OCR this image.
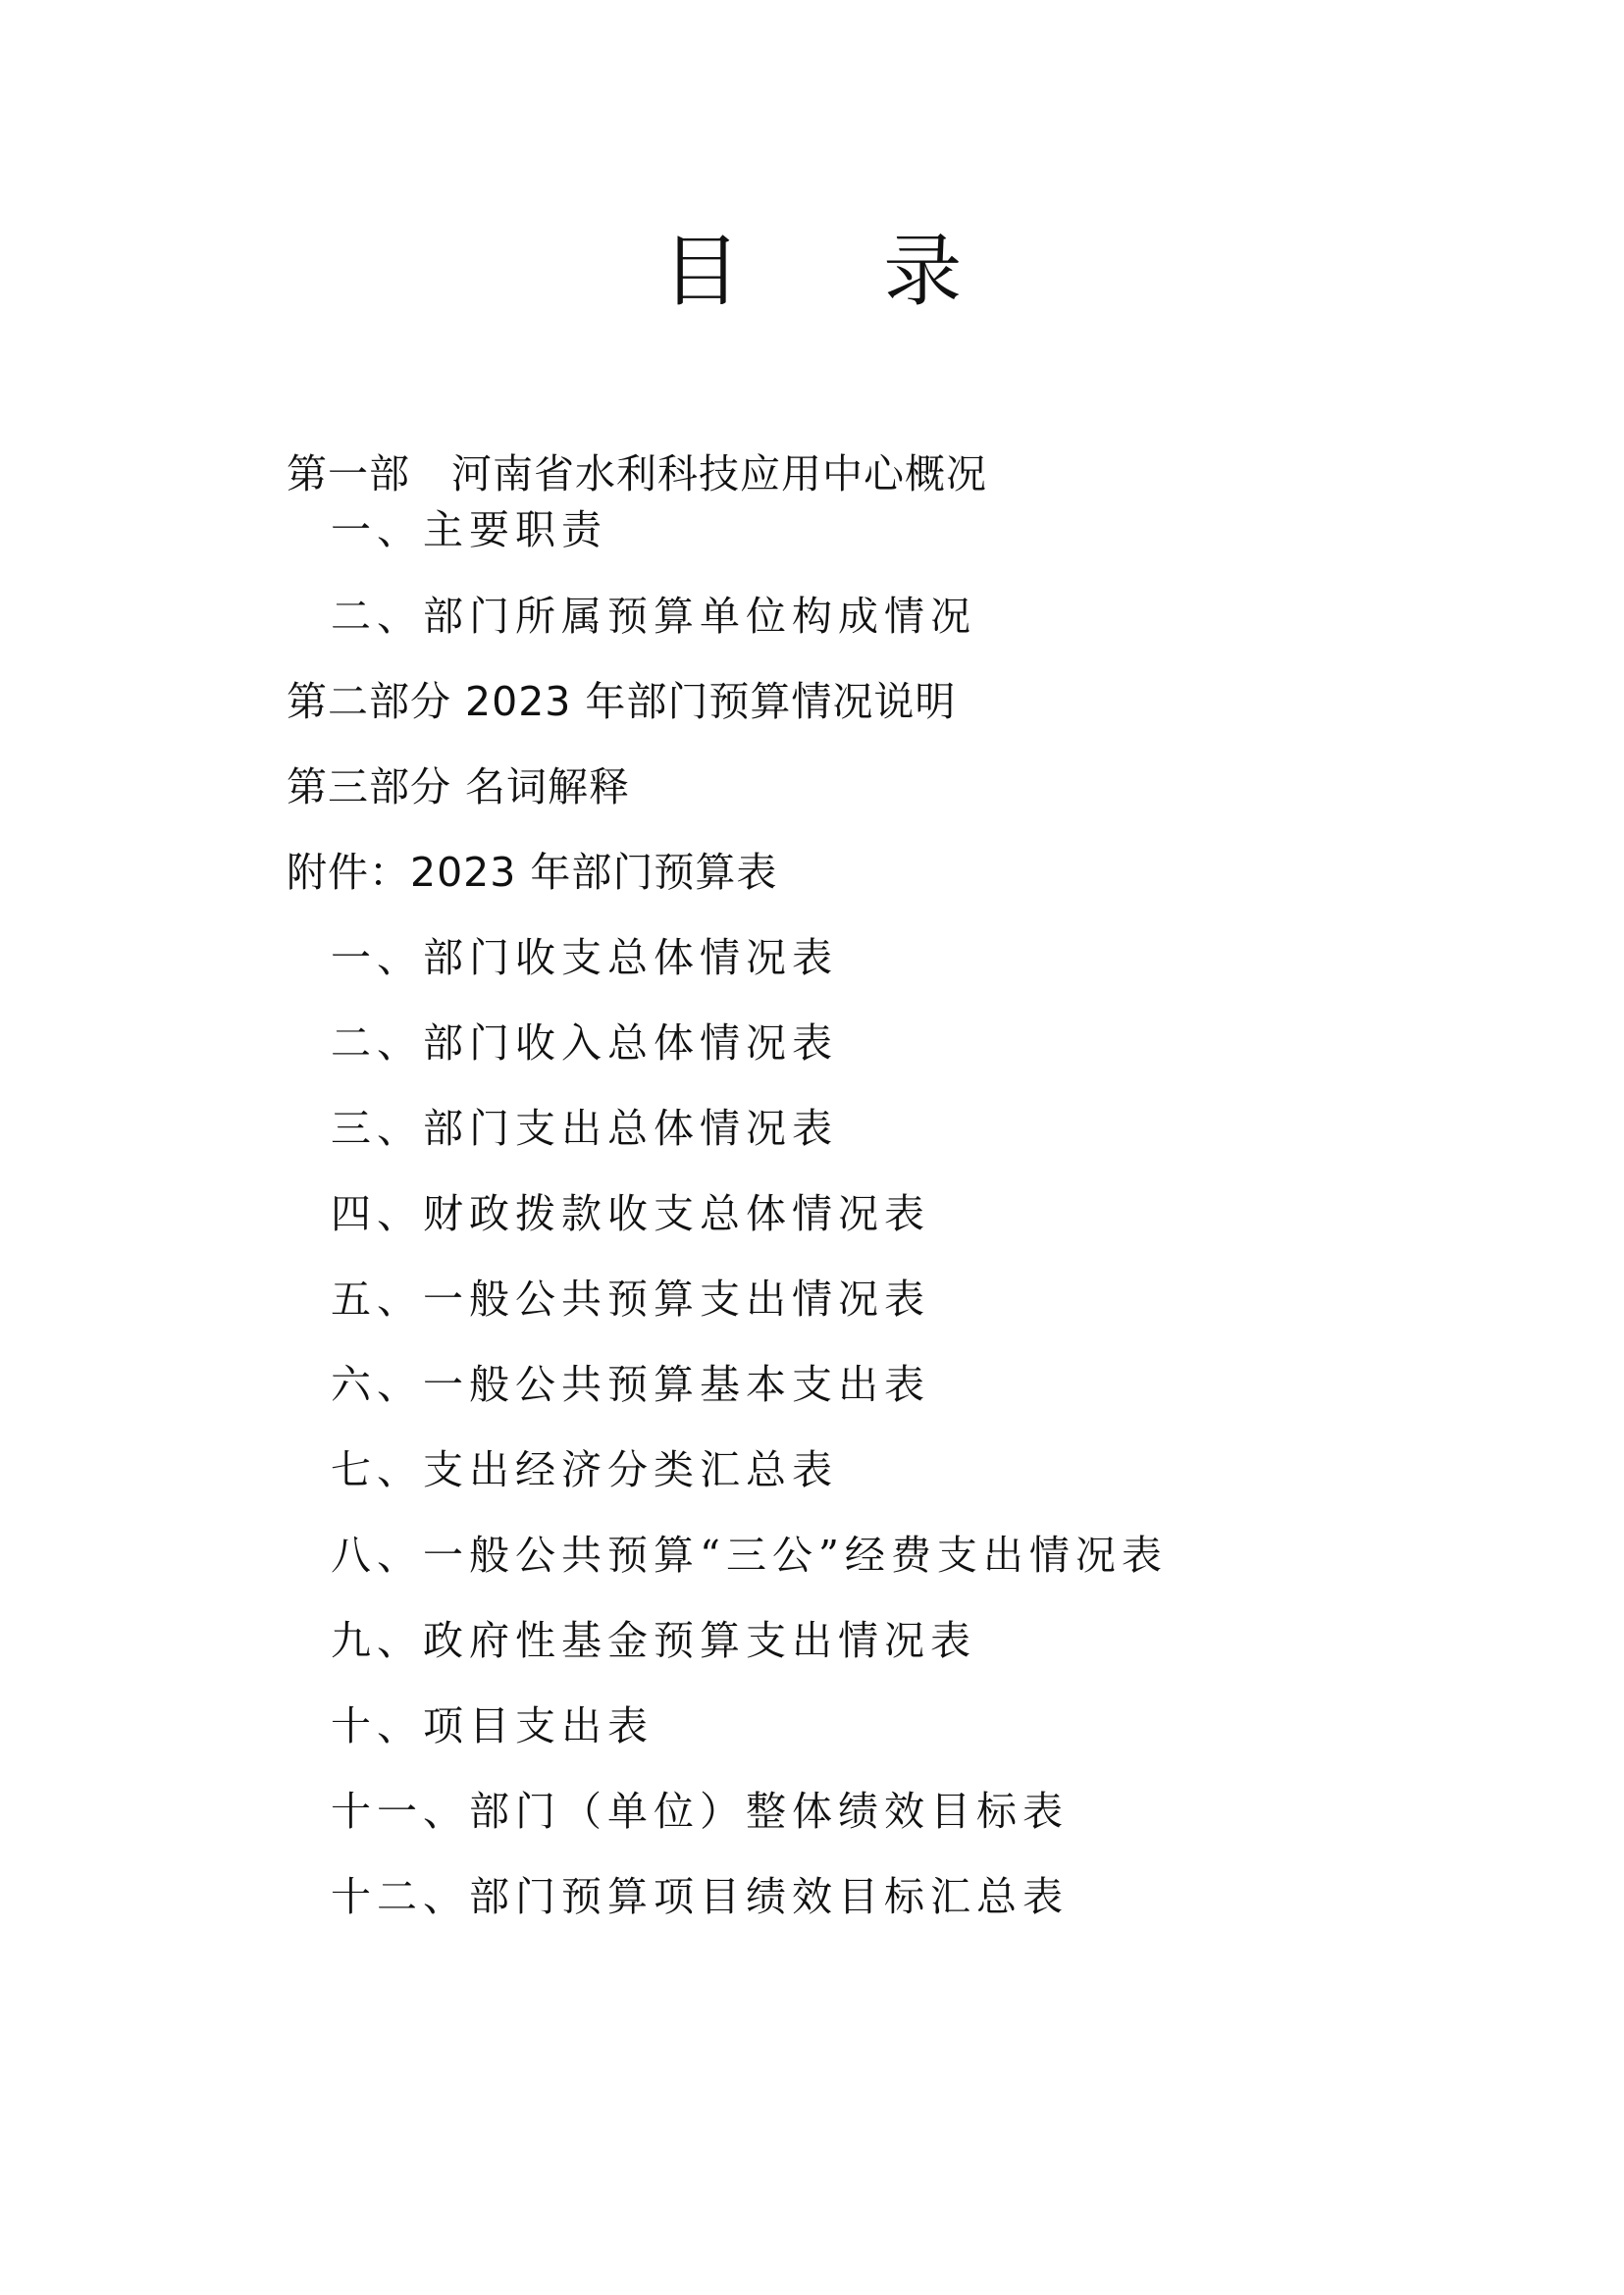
目 录
第一部　河南省水利科技应用中心概况
一、主要职责
二、部门所属预算单位构成情况
第二部分 2023 年部门预算情况说明
第三部分 名词解释
附件：2023 年部门预算表
一、部门收支总体情况表
二、部门收入总体情况表
三、部门支出总体情况表
四、财政拨款收支总体情况表
五、一般公共预算支出情况表
六、一般公共预算基本支出表
七、支出经济分类汇总表
八、一般公共预算“三公”经费支出情况表
九、政府性基金预算支出情况表
十、项目支出表
十一、部门（单位）整体绩效目标表
十二、部门预算项目绩效目标汇总表
